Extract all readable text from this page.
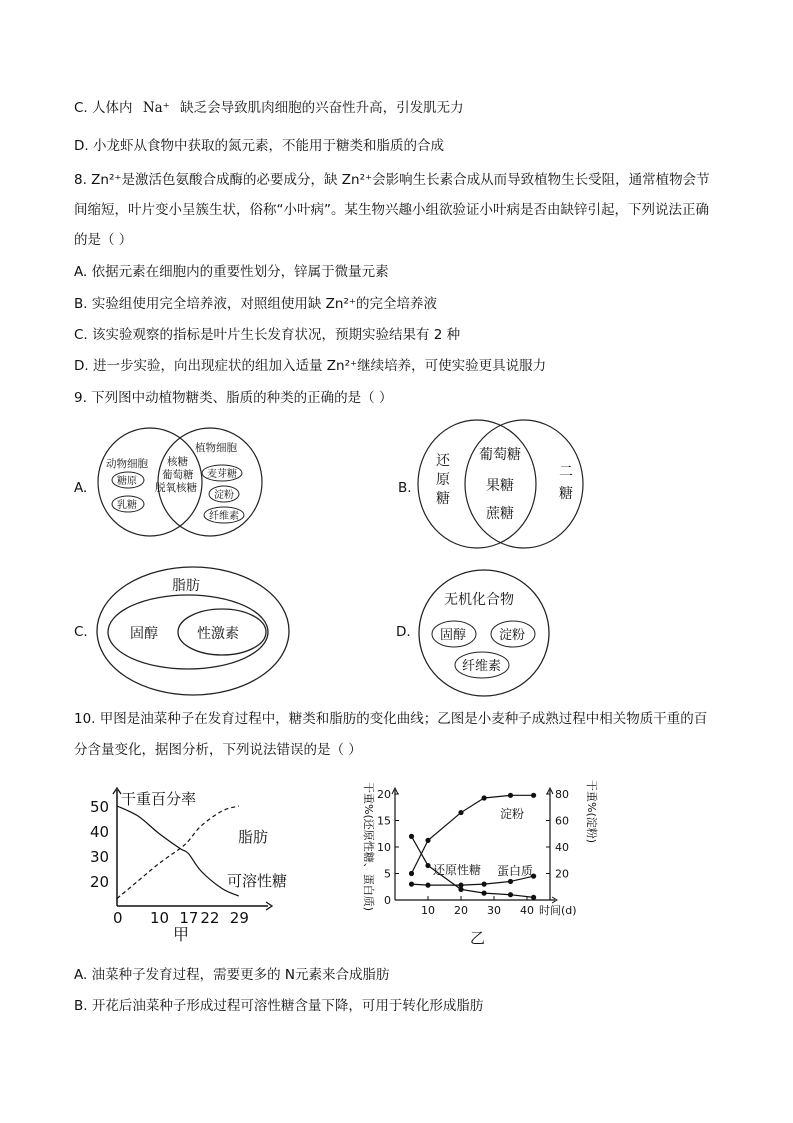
C. 人体内 Na⁺ 缺乏会导致肌肉细胞的兴奋性升高，引发肌无力
D. 小龙虾从食物中获取的氮元素，不能用于糖类和脂质的合成
8. Zn²⁺是激活色氨酸合成酶的必要成分，缺 Zn²⁺会影响生长素合成从而导致植物生长受阻，通常植物会节
间缩短，叶片变小呈簇生状，俗称“小叶病”。某生物兴趣小组欲验证小叶病是否由缺锌引起，下列说法正确
的是（ ）
A. 依据元素在细胞内的重要性划分，锌属于微量元素
B. 实验组使用完全培养液，对照组使用缺 Zn²⁺的完全培养液
C. 该实验观察的指标是叶片生长发育状况，预期实验结果有 2 种
D. 进一步实验，向出现症状的组加入适量 Zn²⁺继续培养，可使实验更具说服力
9. 下列图中动植物糖类、脂质的种类的正确的是（ ）
A.
动物细胞
植物细胞
糖原
乳糖
核糖
葡萄糖
脱氧核糖
麦芽糖
淀粉
纤维素
B.
还
原
糖
葡萄糖
果糖
蔗糖
二
糖
C.
脂肪
固醇	性激素	D.
无机化合物
固醇	淀粉
纤维素
10. 甲图是油菜种子在发育过程中，糖类和脂肪的变化曲线；乙图是小麦种子成熟过程中相关物质干重的百
分含量变化，据图分析，下列说法错误的是（ ）
干重百分率
20
30
40
50
0 10 17 22 29
脂肪
可溶性糖
甲
0
5
10
15
20
20
40
60
80
10 20 30 40 时间(d)
干重%(还原性糖、蛋白质)	干重%(淀粉)
淀粉
还原性糖 蛋白质
乙
A. 油菜种子发育过程，需要更多的 N元素来合成脂肪
B. 开花后油菜种子形成过程可溶性糖含量下降，可用于转化形成脂肪
